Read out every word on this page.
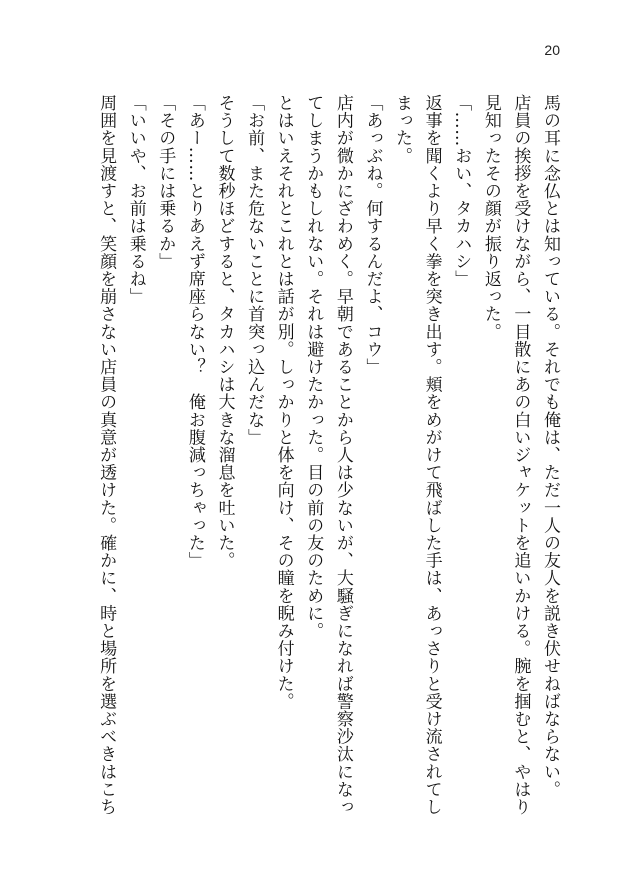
20
馬の耳に念仏とは知っている。それでも俺は、ただ一人の友人を説き伏せねばならない。
店員の挨拶を受けながら、一目散にあの白いジャケットを追いかける。腕を掴むと、やはり
見知ったその顔が振り返った。
「……おい、タカハシ」
返事を聞くより早く拳を突き出す。頬をめがけて飛ばした手は、あっさりと受け流されてし
まった。
「あっぶね。何するんだよ、コウ」
店内が微かにざわめく。早朝であることから人は少ないが、大騒ぎになれば警察沙汰になっ
てしまうかもしれない。それは避けたかった。目の前の友のために。
とはいえそれとこれとは話が別。しっかりと体を向け、その瞳を睨み付けた。
「お前、また危ないことに首突っ込んだな」
そうして数秒ほどすると、タカハシは大きな溜息を吐いた。
「あー……とりあえず席座らない？　俺お腹減っちゃった」
「その手には乗るか」
「いいや、お前は乗るね」
周囲を見渡すと、笑顔を崩さない店員の真意が透けた。確かに、時と場所を選ぶべきはこち
